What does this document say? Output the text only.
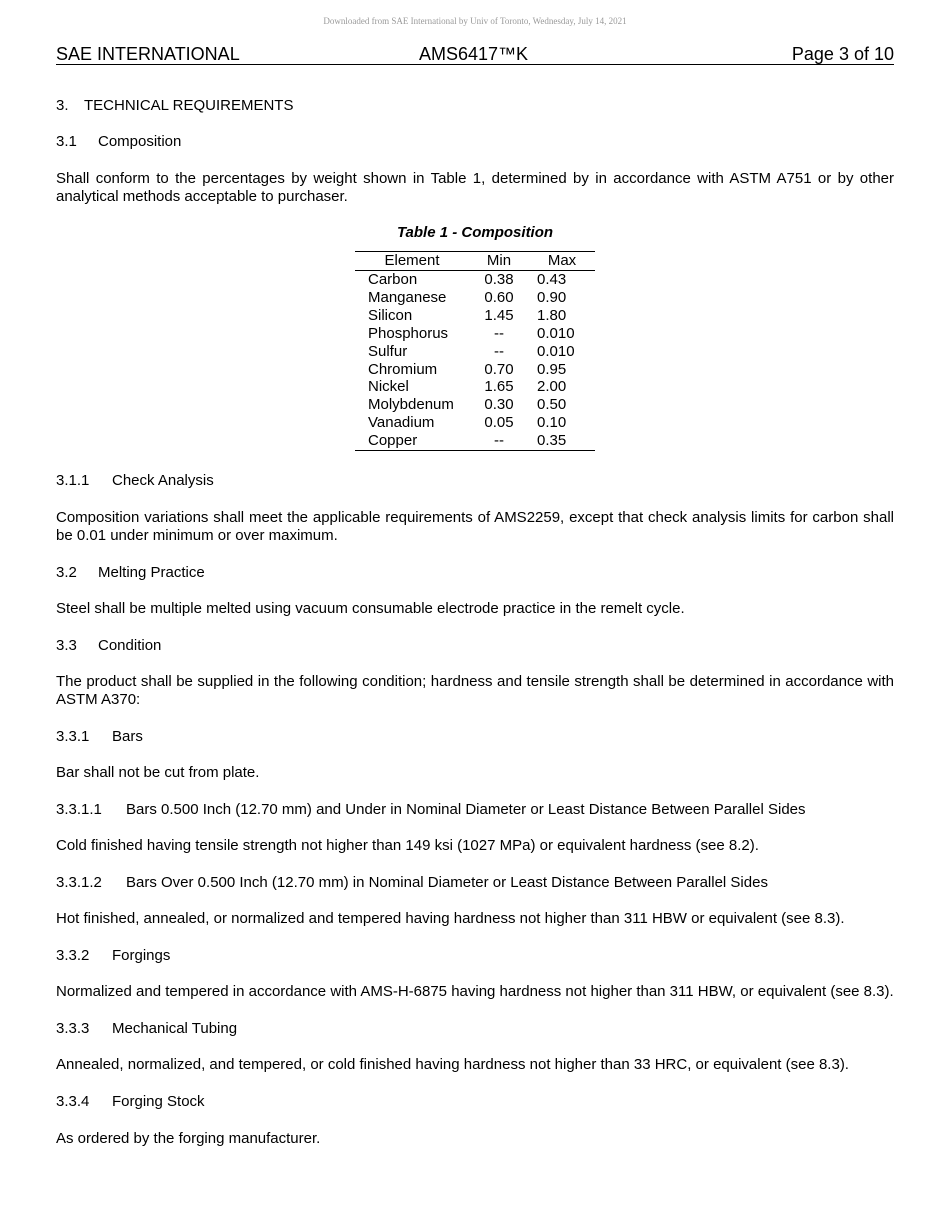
Downloaded from SAE International by Univ of Toronto, Wednesday, July 14, 2021
SAE INTERNATIONAL	AMS6417™K	Page 3 of 10

3.	TECHNICAL REQUIREMENTS

3.1	Composition

Shall conform to the percentages by weight shown in Table 1, determined by in accordance with ASTM A751 or by other analytical methods acceptable to purchaser.

Table 1 - Composition

Element	Min	Max
Carbon	0.38	0.43
Manganese	0.60	0.90
Silicon	1.45	1.80
Phosphorus	--	0.010
Sulfur	--	0.010
Chromium	0.70	0.95
Nickel	1.65	2.00
Molybdenum	0.30	0.50
Vanadium	0.05	0.10
Copper	--	0.35

3.1.1	Check Analysis

Composition variations shall meet the applicable requirements of AMS2259, except that check analysis limits for carbon shall be 0.01 under minimum or over maximum.

3.2	Melting Practice

Steel shall be multiple melted using vacuum consumable electrode practice in the remelt cycle.

3.3	Condition

The product shall be supplied in the following condition; hardness and tensile strength shall be determined in accordance with ASTM A370:

3.3.1	Bars

Bar shall not be cut from plate.

3.3.1.1	Bars 0.500 Inch (12.70 mm) and Under in Nominal Diameter or Least Distance Between Parallel Sides

Cold finished having tensile strength not higher than 149 ksi (1027 MPa) or equivalent hardness (see 8.2).

3.3.1.2	Bars Over 0.500 Inch (12.70 mm) in Nominal Diameter or Least Distance Between Parallel Sides

Hot finished, annealed, or normalized and tempered having hardness not higher than 311 HBW or equivalent (see 8.3).

3.3.2	Forgings

Normalized and tempered in accordance with AMS-H-6875 having hardness not higher than 311 HBW, or equivalent (see 8.3).

3.3.3	Mechanical Tubing

Annealed, normalized, and tempered, or cold finished having hardness not higher than 33 HRC, or equivalent (see 8.3).

3.3.4	Forging Stock

As ordered by the forging manufacturer.
